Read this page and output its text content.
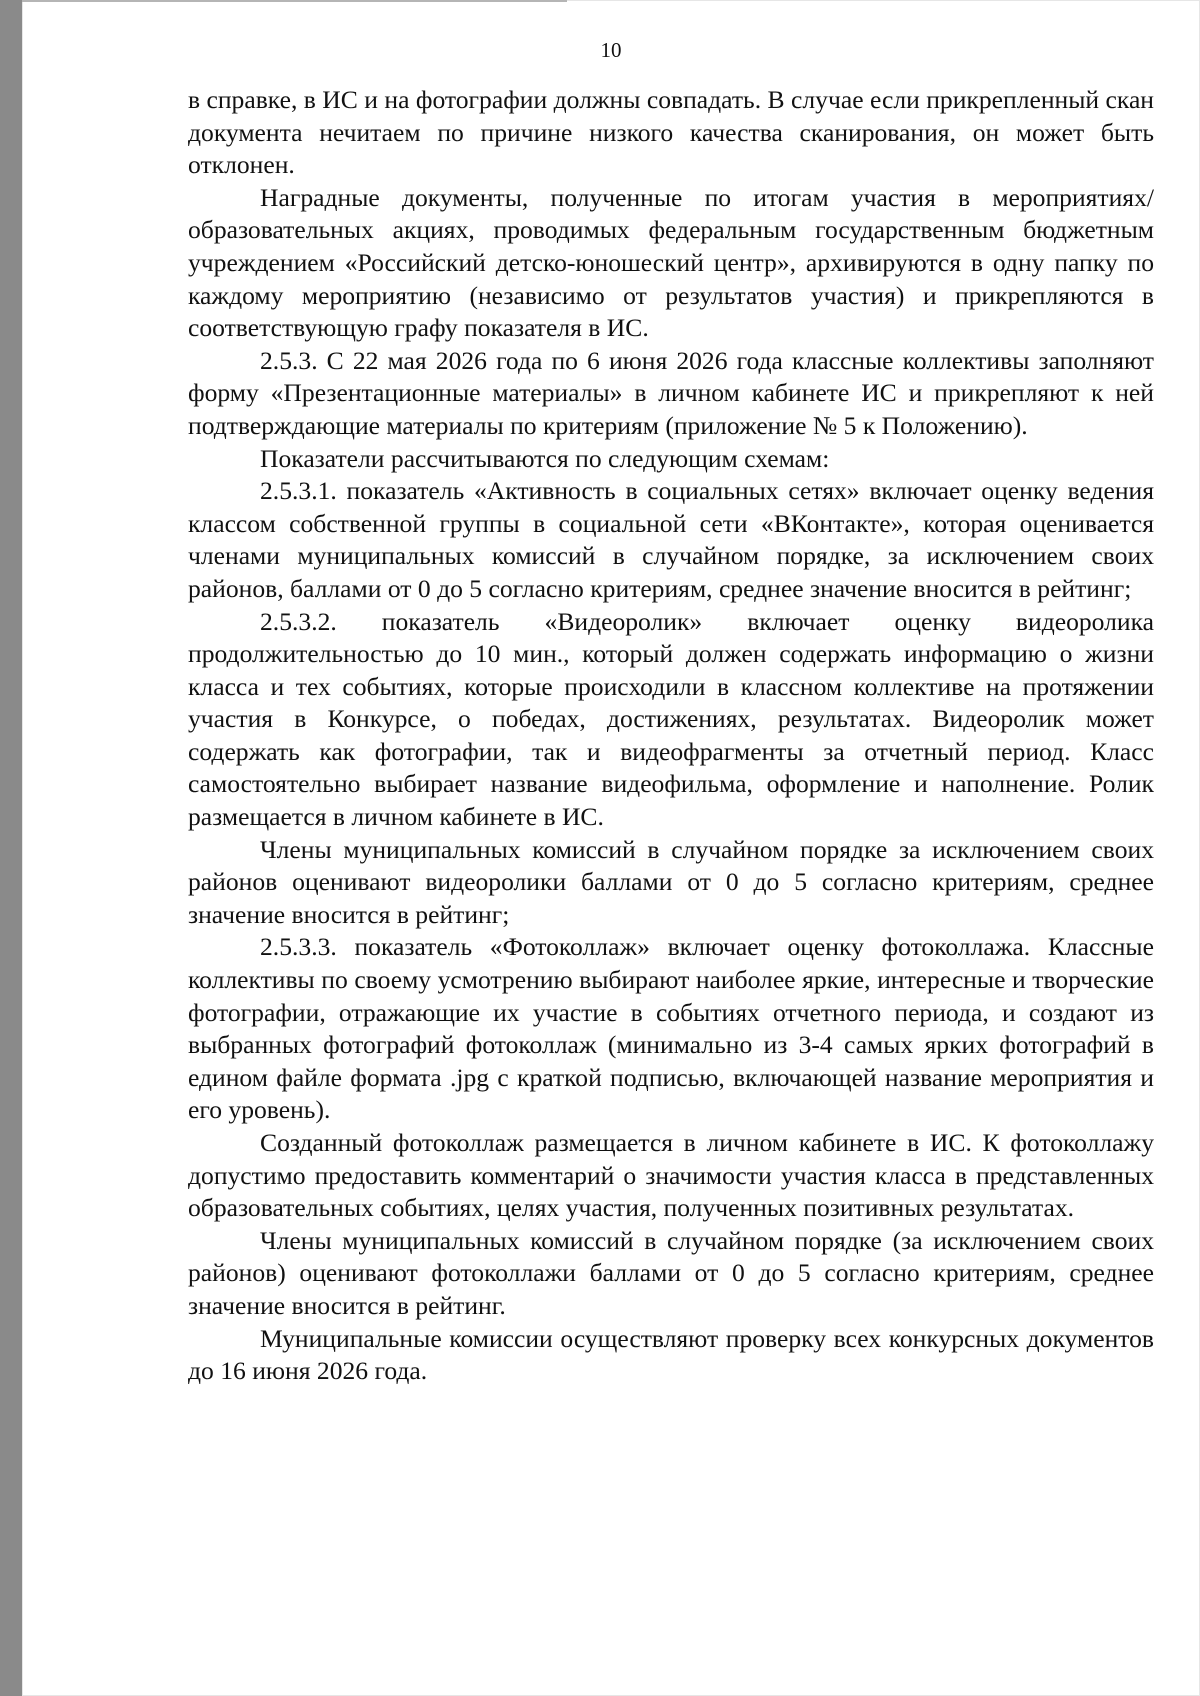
10

в справке, в ИС и на фотографии должны совпадать. В случае если прикрепленный скан документа нечитаем по причине низкого качества сканирования, он может быть отклонен.

Наградные документы, полученные по итогам участия в мероприятиях/образовательных акциях, проводимых федеральным государственным бюджетным учреждением «Российский детско-юношеский центр», архивируются в одну папку по каждому мероприятию (независимо от результатов участия) и прикрепляются в соответствующую графу показателя в ИС.

2.5.3. С 22 мая 2026 года по 6 июня 2026 года классные коллективы заполняют форму «Презентационные материалы» в личном кабинете ИС и прикрепляют к ней подтверждающие материалы по критериям (приложение № 5 к Положению).

Показатели рассчитываются по следующим схемам:

2.5.3.1. показатель «Активность в социальных сетях» включает оценку ведения классом собственной группы в социальной сети «ВКонтакте», которая оценивается членами муниципальных комиссий в случайном порядке, за исключением своих районов, баллами от 0 до 5 согласно критериям, среднее значение вносится в рейтинг;

2.5.3.2. показатель «Видеоролик» включает оценку видеоролика продолжительностью до 10 мин., который должен содержать информацию о жизни класса и тех событиях, которые происходили в классном коллективе на протяжении участия в Конкурсе, о победах, достижениях, результатах. Видеоролик может содержать как фотографии, так и видеофрагменты за отчетный период. Класс самостоятельно выбирает название видеофильма, оформление и наполнение. Ролик размещается в личном кабинете в ИС.

Члены муниципальных комиссий в случайном порядке за исключением своих районов оценивают видеоролики баллами от 0 до 5 согласно критериям, среднее значение вносится в рейтинг;

2.5.3.3. показатель «Фотоколлаж» включает оценку фотоколлажа. Классные коллективы по своему усмотрению выбирают наиболее яркие, интересные и творческие фотографии, отражающие их участие в событиях отчетного периода, и создают из выбранных фотографий фотоколлаж (минимально из 3-4 самых ярких фотографий в едином файле формата .jpg с краткой подписью, включающей название мероприятия и его уровень).

Созданный фотоколлаж размещается в личном кабинете в ИС. К фотоколлажу допустимо предоставить комментарий о значимости участия класса в представленных образовательных событиях, целях участия, полученных позитивных результатах.

Члены муниципальных комиссий в случайном порядке (за исключением своих районов) оценивают фотоколлажи баллами от 0 до 5 согласно критериям, среднее значение вносится в рейтинг.

Муниципальные комиссии осуществляют проверку всех конкурсных документов до 16 июня 2026 года.
